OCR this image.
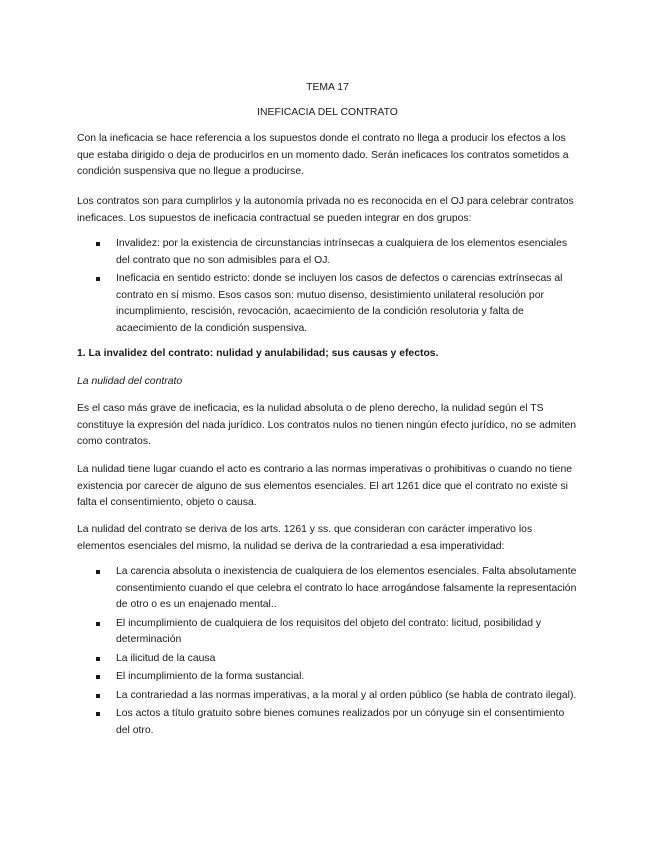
TEMA 17
INEFICACIA DEL CONTRATO

Con la ineficacia se hace referencia a los supuestos donde el contrato no llega a producir los efectos a los que estaba dirigido o deja de producirlos en un momento dado. Serán ineficaces los contratos sometidos a condición suspensiva que no llegue a producirse.

Los contratos son para cumplirlos y la autonomía privada no es reconocida en el OJ para celebrar contratos ineficaces. Los supuestos de ineficacia contractual se pueden integrar en dos grupos:

Invalidez: por la existencia de circunstancias intrínsecas a cualquiera de los elementos esenciales del contrato que no son admisibles para el OJ.
Ineficacia en sentido estricto: donde se incluyen los casos de defectos o carencias extrínsecas al contrato en sí mismo. Esos casos son: mutuo disenso, desistimiento unilateral resolución por incumplimiento, rescisión, revocación, acaecimiento de la condición resolutoria y falta de acaecimiento de la condición suspensiva.
1. La invalidez del contrato: nulidad y anulabilidad; sus causas y efectos.
La nulidad del contrato

Es el caso más grave de ineficacia, es la nulidad absoluta o de pleno derecho, la nulidad según el TS constituye la expresión del nada jurídico. Los contratos nulos no tienen ningún efecto jurídico, no se admiten como contratos.

La nulidad tiene lugar cuando el acto es contrario a las normas imperativas o prohibitivas o cuando no tiene existencia por carecer de alguno de sus elementos esenciales. El art 1261 dice que el contrato no existe si falta el consentimiento, objeto o causa.

La nulidad del contrato se deriva de los arts. 1261 y ss. que consideran con carácter imperativo los elementos esenciales del mismo, la nulidad se deriva de la contrariedad a esa imperatividad:

La carencia absoluta o inexistencia de cualquiera de los elementos esenciales. Falta absolutamente consentimiento cuando el que celebra el contrato lo hace arrogándose falsamente la representación de otro o es un enajenado mental..
El incumplimiento de cualquiera de los requisitos del objeto del contrato: licitud, posibilidad y determinación
La ilicitud de la causa
El incumplimiento de la forma sustancial.
La contrariedad a las normas imperativas, a la moral y al orden público (se habla de contrato ilegal).
Los actos a título gratuito sobre bienes comunes realizados por un cónyuge sin el consentimiento del otro.
